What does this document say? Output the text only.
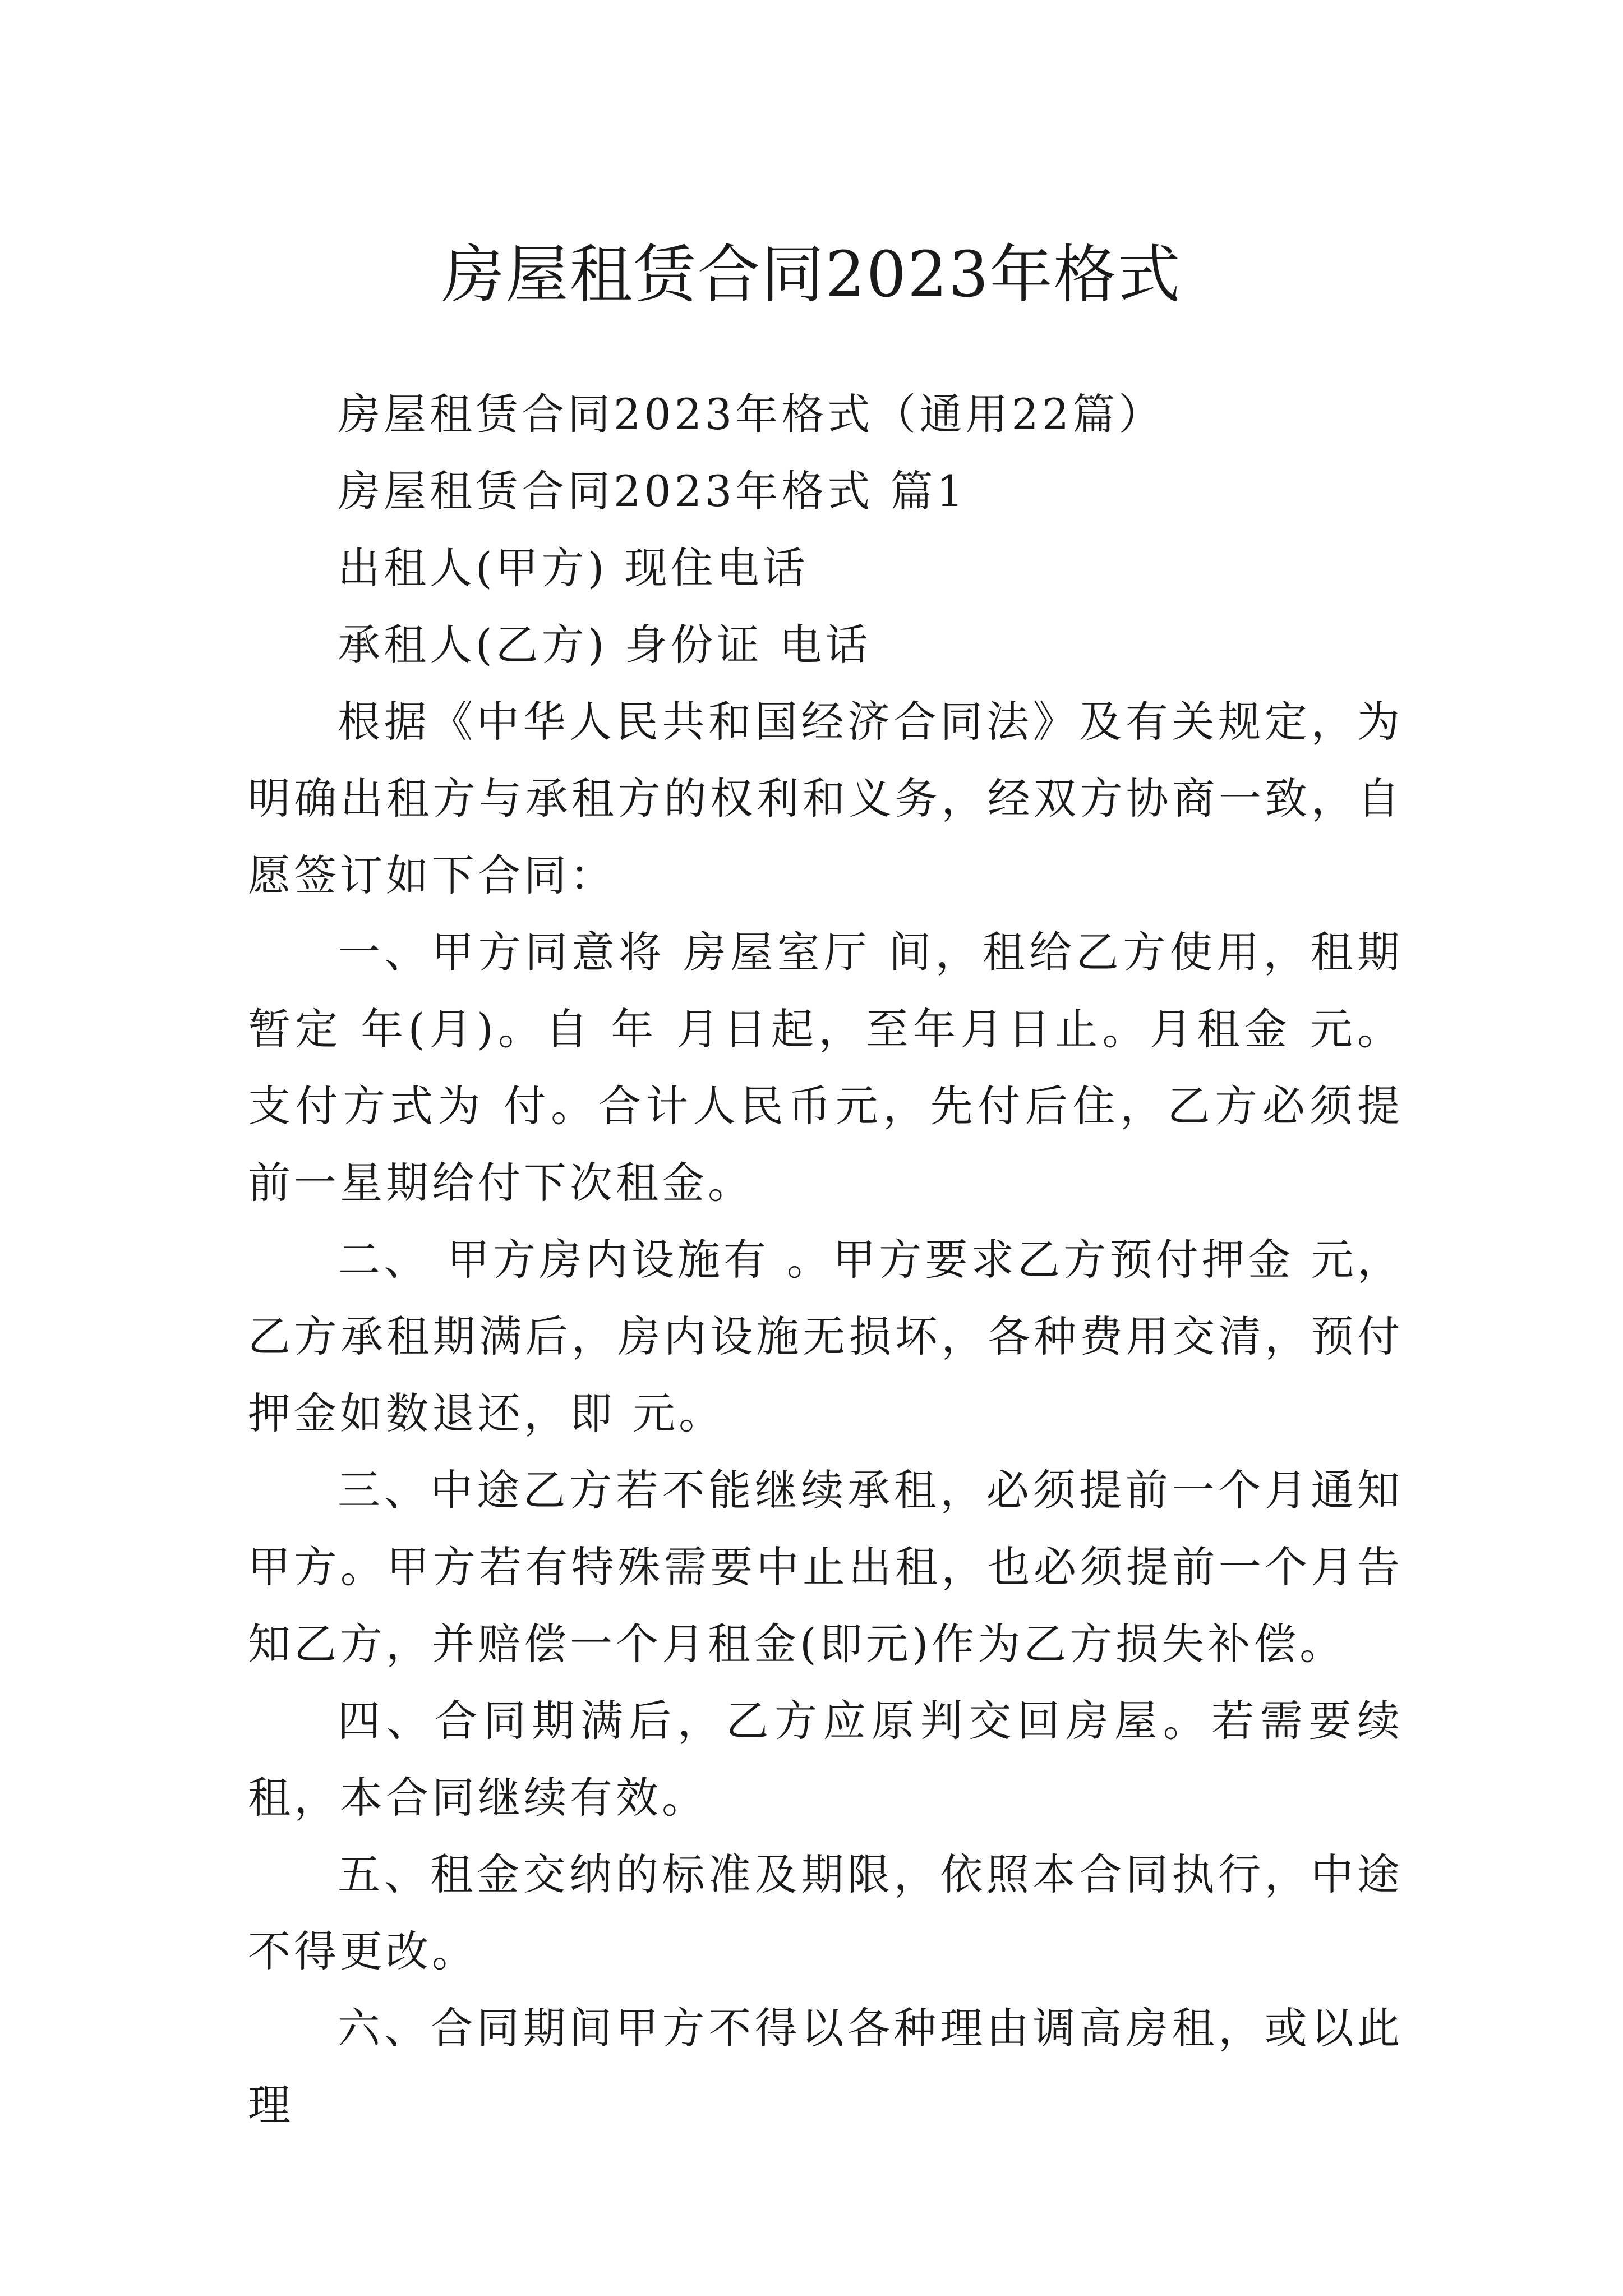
房屋租赁合同2023年格式

房屋租赁合同2023年格式（通用22篇）

房屋租赁合同2023年格式 篇1

出租人(甲方) 现住电话

承租人(乙方) 身份证 电话

根据《中华人民共和国经济合同法》及有关规定，为明确出租方与承租方的权利和义务，经双方协商一致，自愿签订如下合同：

一、甲方同意将 房屋室厅 间，租给乙方使用，租期暂定 年(月)。自 年 月日起，至年月日止。月租金 元。支付方式为 付。合计人民币元，先付后住，乙方必须提前一星期给付下次租金。

二、 甲方房内设施有 。甲方要求乙方预付押金 元，乙方承租期满后，房内设施无损坏，各种费用交清，预付押金如数退还，即 元。

三、中途乙方若不能继续承租，必须提前一个月通知甲方。甲方若有特殊需要中止出租，也必须提前一个月告知乙方，并赔偿一个月租金(即元)作为乙方损失补偿。

四、合同期满后，乙方应原判交回房屋。若需要续租，本合同继续有效。

五、租金交纳的标准及期限，依照本合同执行，中途不得更改。

六、合同期间甲方不得以各种理由调高房租，或以此理
